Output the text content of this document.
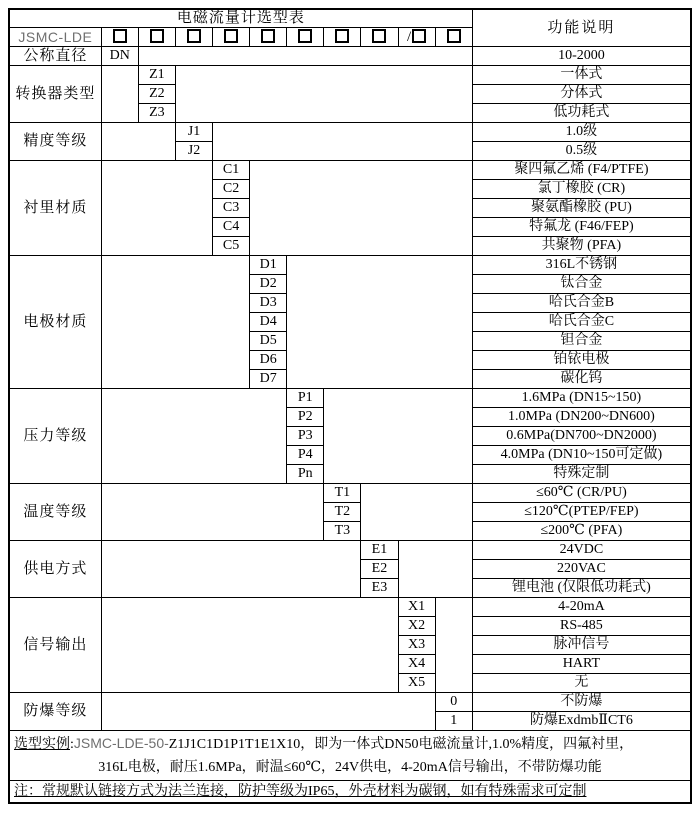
电磁流量计选型表											功能说明
JSMC-LDE									/		
公称直径	DN										10-2000
转换器类型		Z1									一体式
		Z2									分体式
		Z3									低功耗式
精度等级			J1								1.0级
			J2								0.5级
衬里材质				C1							聚四氟乙烯 (F4/PTFE)
				C2							氯丁橡胶 (CR)
				C3							聚氨酯橡胶 (PU)
				C4							特氟龙 (F46/FEP)
				C5							共聚物 (PFA)
电极材质					D1						316L不锈钢
					D2						钛合金
					D3						哈氏合金B
					D4						哈氏合金C
					D5						钽合金
					D6						铂铱电极
					D7						碳化钨
压力等级						P1					1.6MPa (DN15~150)
						P2					1.0MPa (DN200~DN600)
						P3					0.6MPa(DN700~DN2000)
						P4					4.0MPa (DN10~150可定做)
						Pn					特殊定制
温度等级							T1				≤60℃ (CR/PU)
							T2				≤120℃(PTEP/FEP)
							T3				≤200℃ (PFA)
供电方式								E1			24VDC
								E2			220VAC
								E3			锂电池 (仅限低功耗式)
信号输出									X1		4-20mA
									X2		RS-485
									X3		脉冲信号
									X4		HART
									X5		无
防爆等级										0	不防爆
										1	防爆ExdmbⅡCT6

选型实例:JSMC-LDE-50-Z1J1C1D1P1T1E1X10，即为一体式DN50电磁流量计,1.0%精度，四氟衬里，
316L电极，耐压1.6MPa，耐温≤60℃，24V供电，4-20mA信号输出，不带防爆功能											

注：常规默认链接方式为法兰连接，防护等级为IP65，外壳材料为碳钢，如有特殊需求可定制											
